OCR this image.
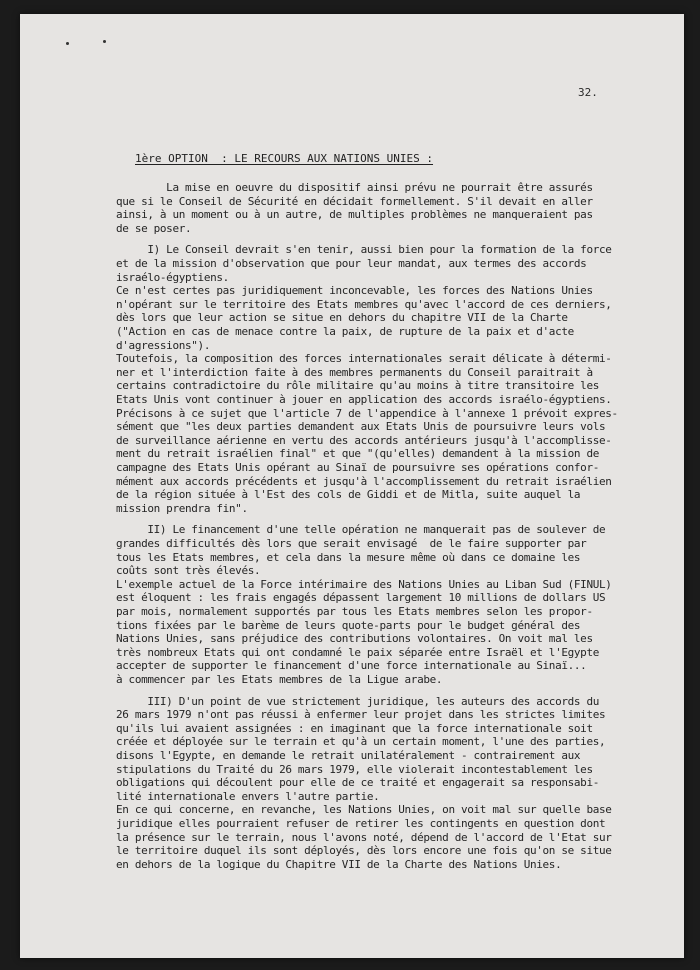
32.
1ère OPTION  : LE RECOURS AUX NATIONS UNIES :
La mise en oeuvre du dispositif ainsi prévu ne pourrait être assurés
que si le Conseil de Sécurité en décidait formellement. S'il devait en aller
ainsi, à un moment ou à un autre, de multiples problèmes ne manqueraient pas
de se poser.
I) Le Conseil devrait s'en tenir, aussi bien pour la formation de la force
et de la mission d'observation que pour leur mandat, aux termes des accords
israélo-égyptiens.
Ce n'est certes pas juridiquement inconcevable, les forces des Nations Unies
n'opérant sur le territoire des Etats membres qu'avec l'accord de ces derniers,
dès lors que leur action se situe en dehors du chapitre VII de la Charte
("Action en cas de menace contre la paix, de rupture de la paix et d'acte
d'agressions").
Toutefois, la composition des forces internationales serait délicate à détermi-
ner et l'interdiction faite à des membres permanents du Conseil paraitrait à
certains contradictoire du rôle militaire qu'au moins à titre transitoire les
Etats Unis vont continuer à jouer en application des accords israélo-égyptiens.
Précisons à ce sujet que l'article 7 de l'appendice à l'annexe 1 prévoit expres-
sément que "les deux parties demandent aux Etats Unis de poursuivre leurs vols
de surveillance aérienne en vertu des accords antérieurs jusqu'à l'accomplisse-
ment du retrait israélien final" et que "(qu'elles) demandent à la mission de
campagne des Etats Unis opérant au Sinaï de poursuivre ses opérations confor-
mément aux accords précédents et jusqu'à l'accomplissement du retrait israélien
de la région située à l'Est des cols de Giddi et de Mitla, suite auquel la
mission prendra fin".
II) Le financement d'une telle opération ne manquerait pas de soulever de
grandes difficultés dès lors que serait envisagé  de le faire supporter par
tous les Etats membres, et cela dans la mesure même où dans ce domaine les
coûts sont très élevés.
L'exemple actuel de la Force intérimaire des Nations Unies au Liban Sud (FINUL)
est éloquent : les frais engagés dépassent largement 10 millions de dollars US
par mois, normalement supportés par tous les Etats membres selon les propor-
tions fixées par le barème de leurs quote-parts pour le budget général des
Nations Unies, sans préjudice des contributions volontaires. On voit mal les
très nombreux Etats qui ont condamné le paix séparée entre Israël et l'Egypte
accepter de supporter le financement d'une force internationale au Sinaï...
à commencer par les Etats membres de la Ligue arabe.
III) D'un point de vue strictement juridique, les auteurs des accords du
26 mars 1979 n'ont pas réussi à enfermer leur projet dans les strictes limites
qu'ils lui avaient assignées : en imaginant que la force internationale soit
créée et déployée sur le terrain et qu'à un certain moment, l'une des parties,
disons l'Egypte, en demande le retrait unilatéralement - contrairement aux
stipulations du Traité du 26 mars 1979, elle violerait incontestablement les
obligations qui découlent pour elle de ce traité et engagerait sa responsabi-
lité internationale envers l'autre partie.
En ce qui concerne, en revanche, les Nations Unies, on voit mal sur quelle base
juridique elles pourraient refuser de retirer les contingents en question dont
la présence sur le terrain, nous l'avons noté, dépend de l'accord de l'Etat sur
le territoire duquel ils sont déployés, dès lors encore une fois qu'on se situe
en dehors de la logique du Chapitre VII de la Charte des Nations Unies.
